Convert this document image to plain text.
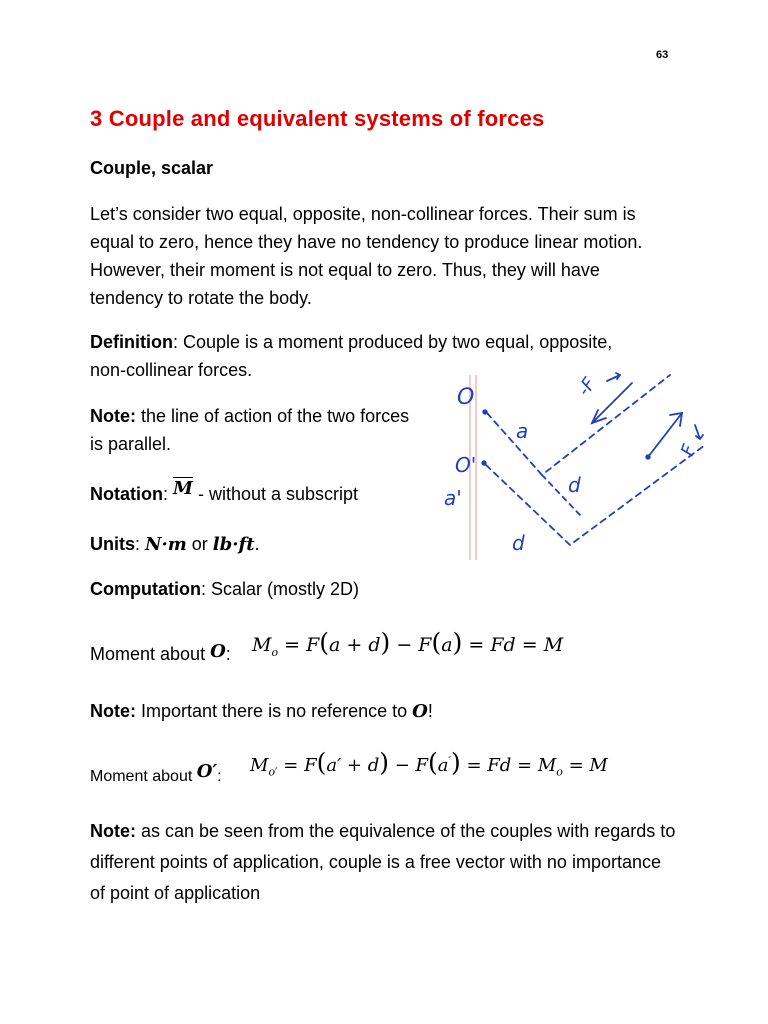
63
3 Couple and equivalent systems of forces
Couple, scalar
Let’s consider two equal, opposite, non-collinear forces. Their sum is equal to zero, hence they have no tendency to produce linear motion. However, their moment is not equal to zero. Thus, they will have tendency to rotate the body.
Definition: Couple is a moment produced by two equal, opposite, non-collinear forces.
Note: the line of action of the two forces is parallel.
Notation: $\overline{M}$ - without a subscript
Units: N·m or lb·ft.
Computation: Scalar (mostly 2D)
Moment about O: $M_o = F(a + d) - F(a) = Fd = M$
Note: Important there is no reference to O!
Moment about O′:
$M_{o'} = F(a' + d) - F(a') = Fd = M_o = M$
Note: as can be seen from the equivalence of the couples with regards to different points of application, couple is a free vector with no importance of point of application
O
O'
a
a'
d
d
-F
F
